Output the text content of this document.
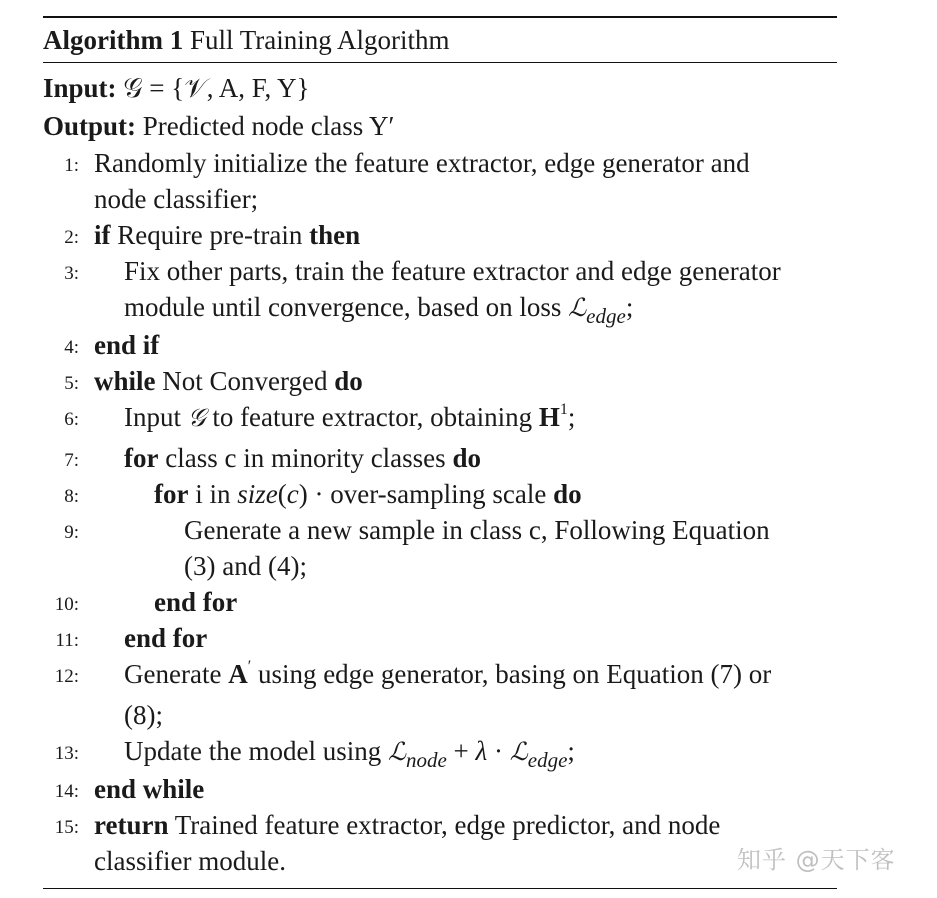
Algorithm 1 Full Training Algorithm
Input: 𝒢 = {𝒱, A, F, Y}
Output: Predicted node class Y′
1: Randomly initialize the feature extractor, edge generator and
node classifier;
2: if Require pre-train then
3: Fix other parts, train the feature extractor and edge generator
module until convergence, based on loss ℒ$_{edge}$;
4: end if
5: while Not Converged do
6: Input 𝒢 to feature extractor, obtaining $H^1$;
7: for class c in minority classes do
8:	for i in size(c) · over-sampling scale do
9:	Generate a new sample in class c, Following Equation
(3) and (4);
10:	end for
11: end for
12: Generate A′ using edge generator, basing on Equation (7) or
(8);
13: Update the model using ℒ$_{node}$ + λ · ℒ$_{edge}$;
14: end while
15: return Trained feature extractor, edge predictor, and node
classifier module.	知乎 @天下客
